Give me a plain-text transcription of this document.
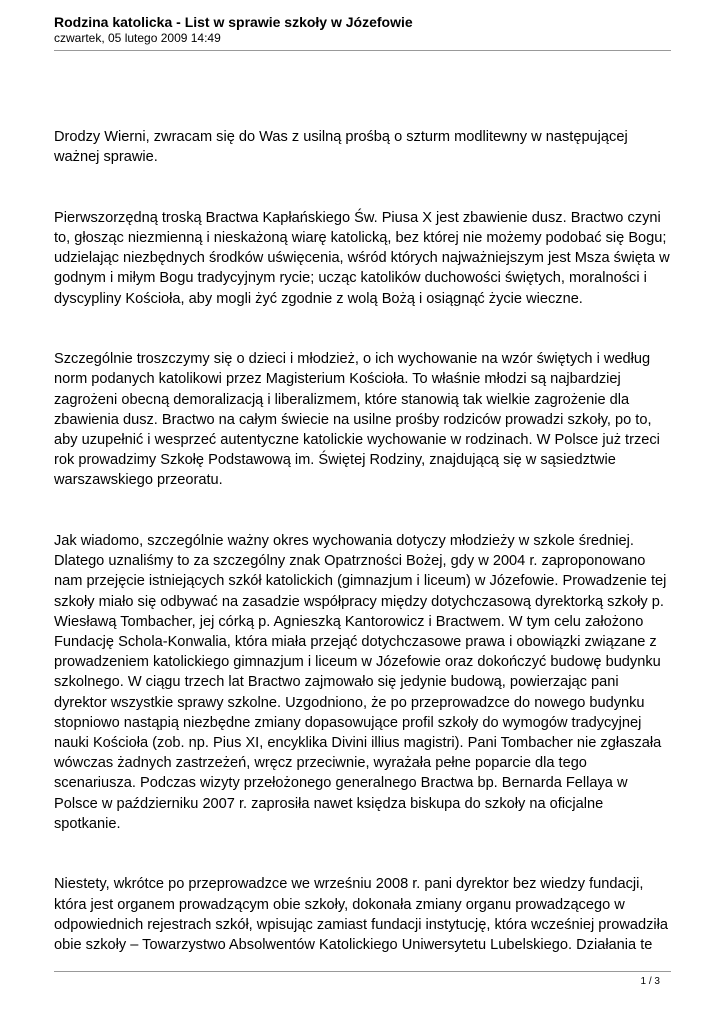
Rodzina katolicka - List w sprawie szkoły w Józefowie

czwartek, 05 lutego 2009 14:49

Drodzy Wierni, zwracam się do Was z usilną prośbą o szturm modlitewny w następującej ważnej sprawie.

Pierwszorzędną troską Bractwa Kapłańskiego Św. Piusa X jest zbawienie dusz. Bractwo czyni to, głosząc niezmienną i nieskażoną wiarę katolicką, bez której nie możemy podobać się Bogu; udzielając niezbędnych środków uświęcenia, wśród których najważniejszym jest Msza święta w godnym i miłym Bogu tradycyjnym rycie; ucząc katolików duchowości świętych, moralności i dyscypliny Kościoła, aby mogli żyć zgodnie z wolą Bożą i osiągnąć życie wieczne.

Szczególnie troszczymy się o dzieci i młodzież, o ich wychowanie na wzór świętych i według norm podanych katolikowi przez Magisterium Kościoła. To właśnie młodzi są najbardziej zagrożeni obecną demoralizacją i liberalizmem, które stanowią tak wielkie zagrożenie dla zbawienia dusz. Bractwo na całym świecie na usilne prośby rodziców prowadzi szkoły, po to, aby uzupełnić i wesprzeć autentyczne katolickie wychowanie w rodzinach. W Polsce już trzeci rok prowadzimy Szkołę Podstawową im. Świętej Rodziny, znajdującą się w sąsiedztwie warszawskiego przeoratu.

Jak wiadomo, szczególnie ważny okres wychowania dotyczy młodzieży w szkole średniej. Dlatego uznaliśmy to za szczególny znak Opatrzności Bożej, gdy w 2004 r. zaproponowano nam przejęcie istniejących szkół katolickich (gimnazjum i liceum) w Józefowie. Prowadzenie tej szkoły miało się odbywać na zasadzie współpracy między dotychczasową dyrektorką szkoły p. Wiesławą Tombacher, jej córką p. Agnieszką Kantorowicz i Bractwem. W tym celu założono Fundację Schola-Konwalia, która miała przejąć dotychczasowe prawa i obowiązki związane z prowadzeniem katolickiego gimnazjum i liceum w Józefowie oraz dokończyć budowę budynku szkolnego. W ciągu trzech lat Bractwo zajmowało się jedynie budową, powierzając pani dyrektor wszystkie sprawy szkolne. Uzgodniono, że po przeprowadzce do nowego budynku stopniowo nastąpią niezbędne zmiany dopasowujące profil szkoły do wymogów tradycyjnej nauki Kościoła (zob. np. Pius XI, encyklika Divini illius magistri). Pani Tombacher nie zgłaszała wówczas żadnych zastrzeżeń, wręcz przeciwnie, wyrażała pełne poparcie dla tego scenariusza. Podczas wizyty przełożonego generalnego Bractwa bp. Bernarda Fellaya w Polsce w październiku 2007 r. zaprosiła nawet księdza biskupa do szkoły na oficjalne spotkanie.

Niestety, wkrótce po przeprowadzce we wrześniu 2008 r. pani dyrektor bez wiedzy fundacji, która jest organem prowadzącym obie szkoły, dokonała zmiany organu prowadzącego w odpowiednich rejestrach szkół, wpisując zamiast fundacji instytucję, która wcześniej prowadziła obie szkoły – Towarzystwo Absolwentów Katolickiego Uniwersytetu Lubelskiego. Działania te

1 / 3
